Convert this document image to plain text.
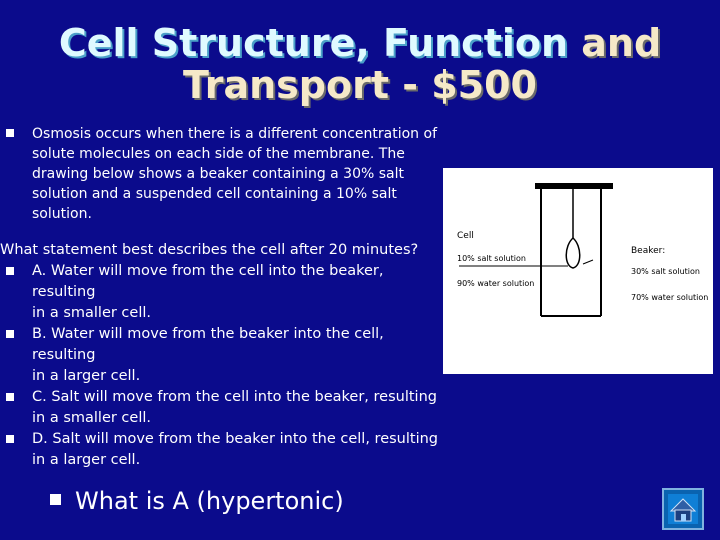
Cell Structure, Function and
Transport - $500
Osmosis occurs when there is a different concentration of
solute molecules on each side of the membrane. The
drawing below shows a beaker containing a 30% salt
solution and a suspended cell containing a 10% salt
solution.
What statement best describes the cell after 20 minutes?
A. Water will move from the cell into the beaker, resulting
in a smaller cell.
B. Water will move from the beaker into the cell, resulting
in a larger cell.
C. Salt will move from the cell into the beaker, resulting
in a smaller cell.
D. Salt will move from the beaker into the cell, resulting
in a larger cell.
Cell
10% salt solution
90% water solution
Beaker:
30% salt solution
70% water solution
What is A (hypertonic)
